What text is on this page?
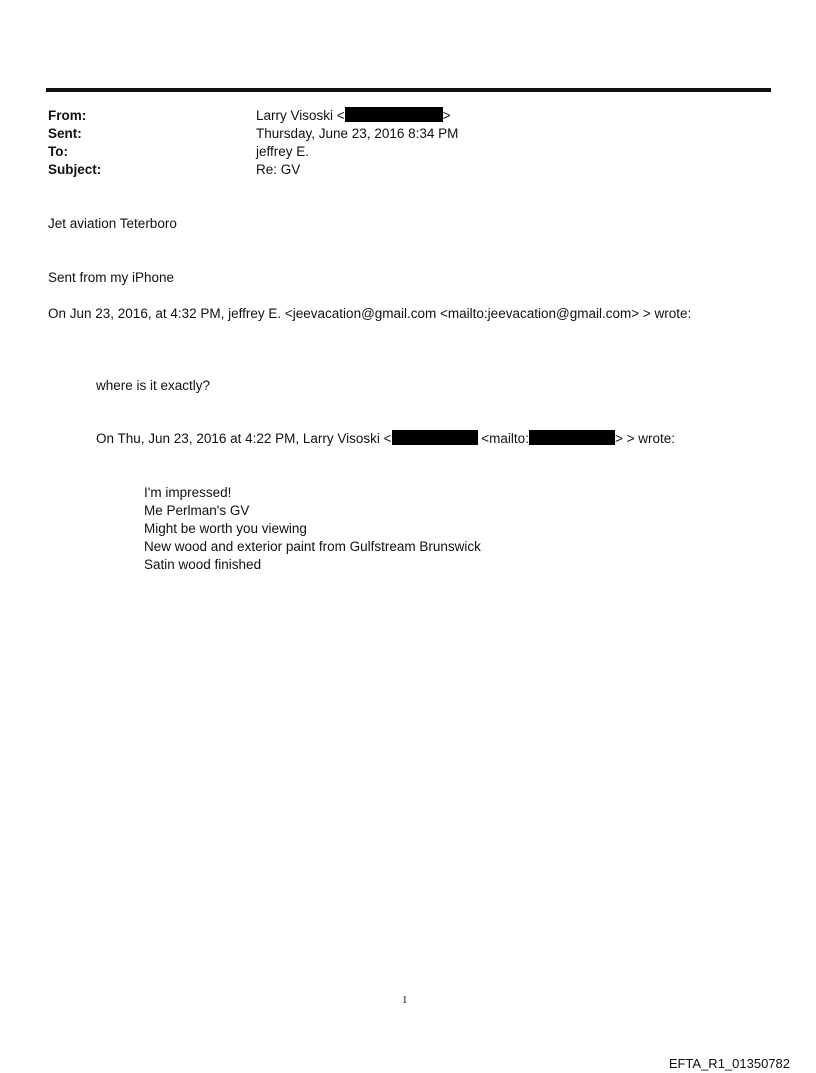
From:	Larry Visoski <	>
Sent:	Thursday, June 23, 2016 8:34 PM
To:	jeffrey E.
Subject:	Re: GV
Jet aviation Teterboro
Sent from my iPhone
On Jun 23, 2016, at 4:32 PM, jeffrey E. <jeevacation@gmail.com <mailto:jeevacation@gmail.com> > wrote:
where is it exactly?
On Thu, Jun 23, 2016 at 4:22 PM, Larry Visoski <	<mailto:	> > wrote:
I'm impressed!
Me Perlman's GV
Might be worth you viewing
New wood and exterior paint from Gulfstream Brunswick
Satin wood finished
1
EFTA_R1_01350782
